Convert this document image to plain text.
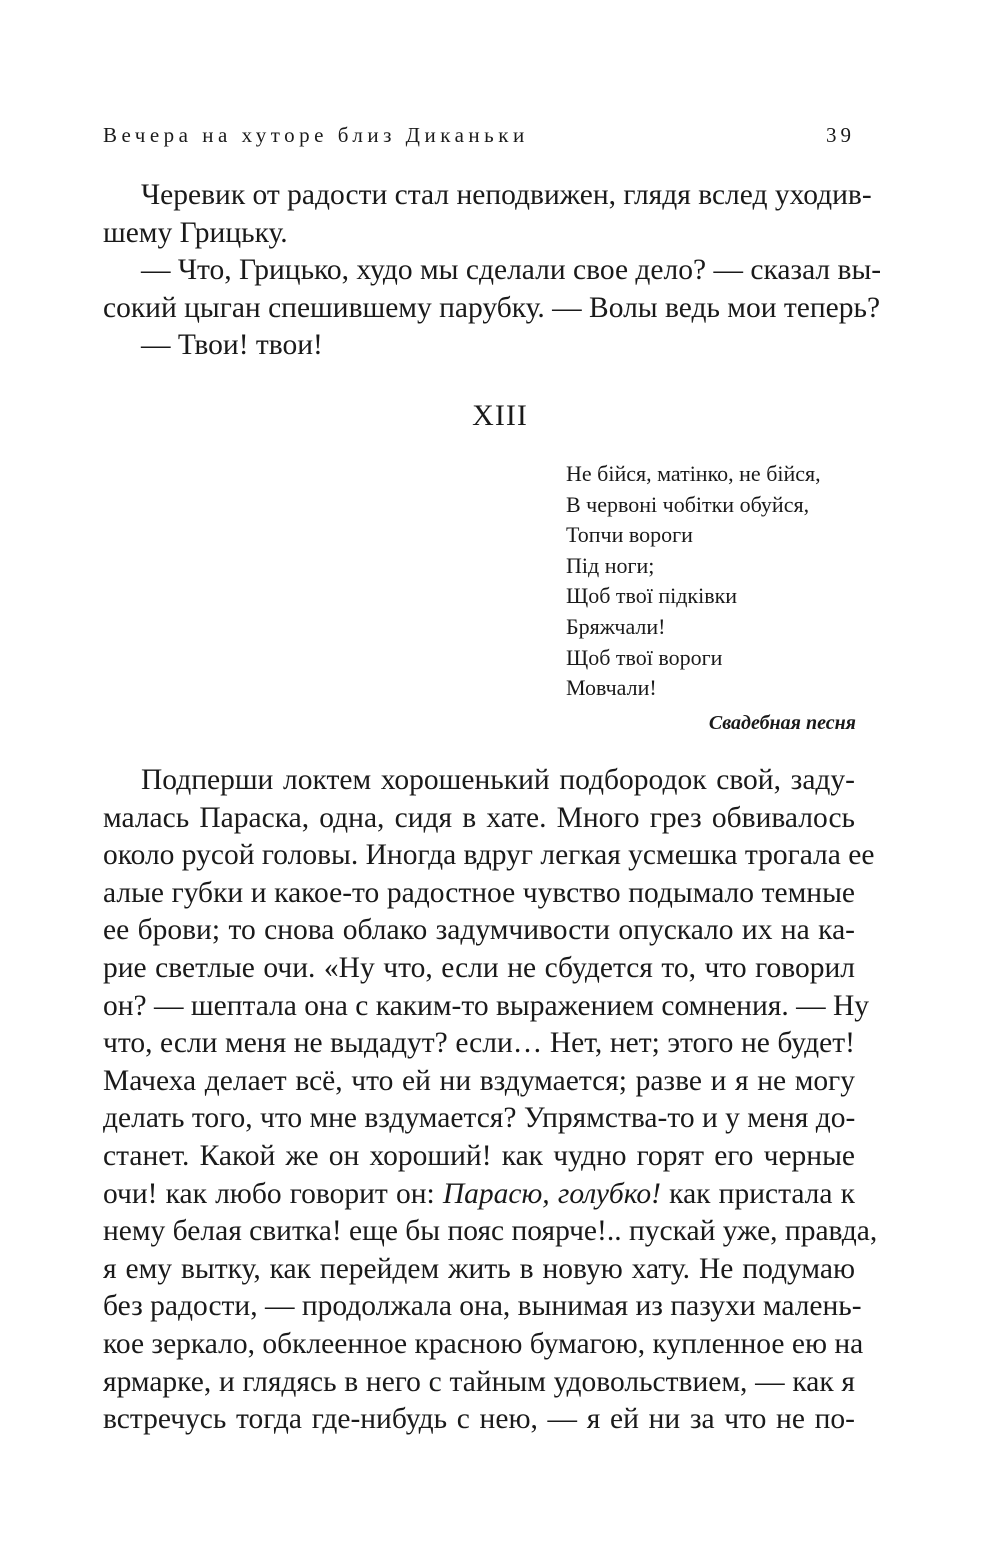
Вечера на хуторе близ Диканьки	39
Черевик от радости стал неподвижен, глядя вслед уходив-
шему Грицьку.
— Что, Грицько, худо мы сделали свое дело? — сказал вы-
сокий цыган спешившему парубку. — Волы ведь мои теперь?
— Твои! твои!
XIII
Не бійся, матінко, не бійся,
В червоні чобітки обуйся,
Топчи вороги
Під ноги;
Щоб твої підківки
Бряжчали!
Щоб твої вороги
Мовчали!
Свадебная песня
Подперши локтем хорошенький подбородок свой, заду-
малась Параска, одна, сидя в хате. Много грез обвивалось
около русой головы. Иногда вдруг легкая усмешка трогала ее
алые губки и какое-то радостное чувство подымало темные
ее брови; то снова облако задумчивости опускало их на ка-
рие светлые очи. «Ну что, если не сбудется то, что говорил
он? — шептала она с каким-то выражением сомнения. — Ну
что, если меня не выдадут? если… Нет, нет; этого не будет!
Мачеха делает всё, что ей ни вздумается; разве и я не могу
делать того, что мне вздумается? Упрямства-то и у меня до-
станет. Какой же он хороший! как чудно горят его черные
очи! как любо говорит он: Парасю, голубко! как пристала к
нему белая свитка! еще бы пояс поярче!.. пускай уже, правда,
я ему вытку, как перейдем жить в новую хату. Не подумаю
без радости, — продолжала она, вынимая из пазухи малень-
кое зеркало, обклеенное красною бумагою, купленное ею на
ярмарке, и глядясь в него с тайным удовольствием, — как я
встречусь тогда где-нибудь с нею, — я ей ни за что не по-
